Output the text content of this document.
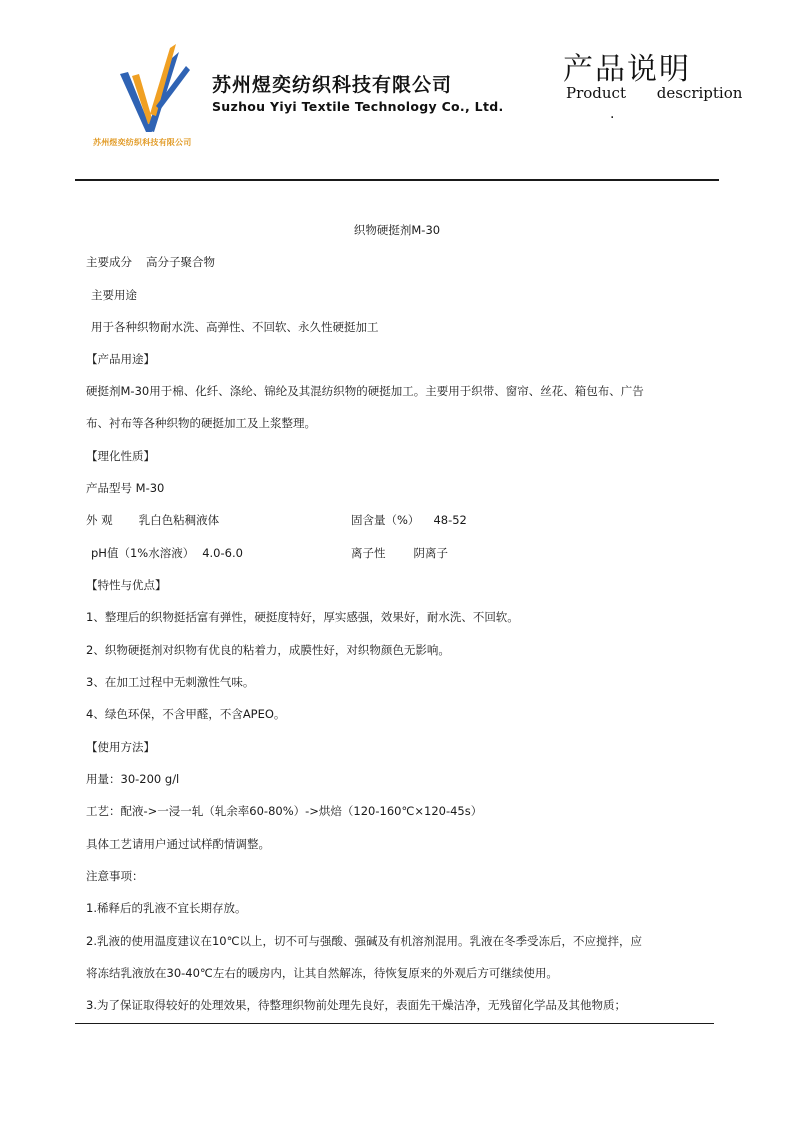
苏州煜奕纺织科技有限公司
苏州煜奕纺织科技有限公司
Suzhou Yiyi Textile Technology Co., Ltd.
产品说明
Product description
.
织物硬挺剂M-30
主要成分 高分子聚合物
主要用途
用于各种织物耐水洗、高弹性、不回软、永久性硬挺加工
【产品用途】
硬挺剂M-30用于棉、化纤、涤纶、锦纶及其混纺织物的硬挺加工。主要用于织带、窗帘、丝花、箱包布、广告
布、衬布等各种织物的硬挺加工及上浆整理。
【理化性质】
产品型号 M-30
外 观 乳白色粘稠液体	固含量（%） 48-52
pH值（1%水溶液） 4.0-6.0	离子性 阴离子
【特性与优点】
1、整理后的织物挺括富有弹性，硬挺度特好，厚实感强，效果好，耐水洗、不回软。
2、织物硬挺剂对织物有优良的粘着力，成膜性好，对织物颜色无影响。
3、在加工过程中无刺激性气味。
4、绿色环保，不含甲醛，不含APEO。
【使用方法】
用量：30-200 g/l
工艺：配液->一浸一轧（轧余率60-80%）->烘焙（120-160℃×120-45s）
具体工艺请用户通过试样酌情调整。
注意事项：
1.稀释后的乳液不宜长期存放。
2.乳液的使用温度建议在10℃以上，切不可与强酸、强碱及有机溶剂混用。乳液在冬季受冻后，不应搅拌，应
将冻结乳液放在30-40℃左右的暖房内，让其自然解冻，待恢复原来的外观后方可继续使用。
3.为了保证取得较好的处理效果，待整理织物前处理先良好，表面先干燥洁净，无残留化学品及其他物质；
